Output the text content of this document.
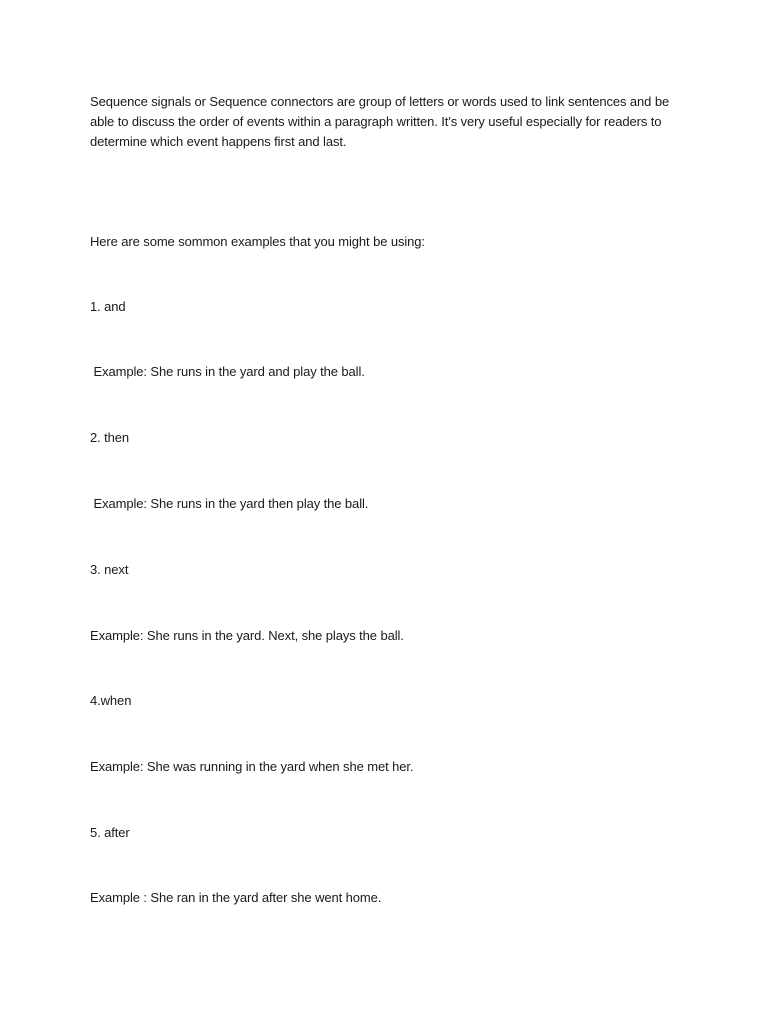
Sequence signals or Sequence connectors are group of letters or words used to link sentences and be
able to discuss the order of events within a paragraph written. It's very useful especially for readers to
determine which event happens first and last.
Here are some sommon examples that you might be using:
1. and
Example: She runs in the yard and play the ball.
2. then
Example: She runs in the yard then play the ball.
3. next
Example: She runs in the yard. Next, she plays the ball.
4.when
Example: She was running in the yard when she met her.
5. after
Example : She ran in the yard after she went home.
